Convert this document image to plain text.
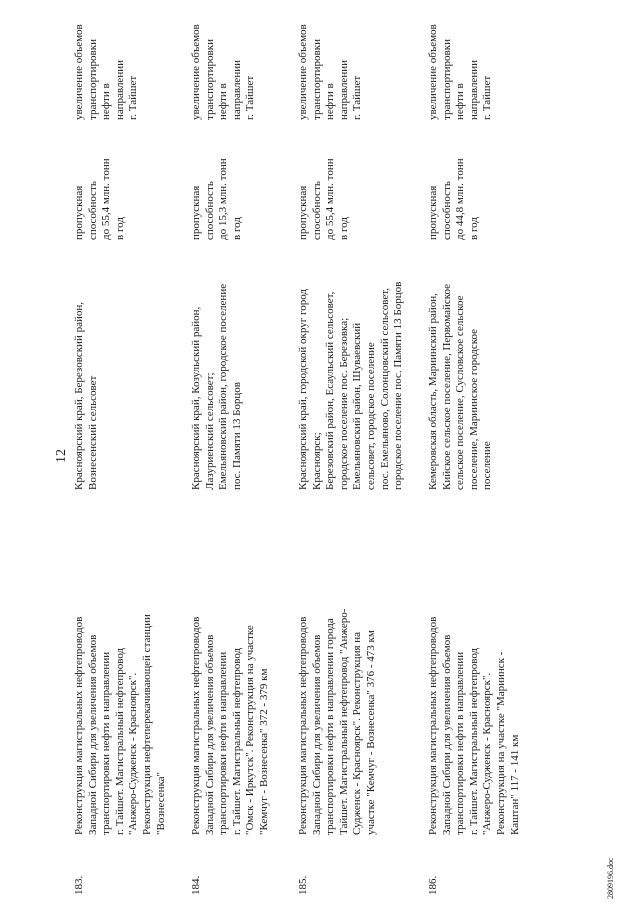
12
183.
Реконструкция магистральных нефтепроводов Западной Сибири для увеличения объемов транспортировки нефти в направлении г. Тайшет. Магистральный нефтепровод "Анжеро-Судженск - Красноярск". Реконструкция нефтеперекачивающей станции "Вознесенка"
Красноярский край, Березовский район, Вознесенский сельсовет
пропускная способность до 55,4 млн. тонн в год
увеличение объемов транспортировки нефти в направлении г. Тайшет
184.
Реконструкция магистральных нефтепроводов Западной Сибири для увеличения объемов транспортировки нефти в направлении г. Тайшет. Магистральный нефтепровод "Омск - Иркутск". Реконструкция на участке "Кемчуг - Вознесенка" 372 - 379 км
Красноярский край, Козульский район, Лазуриенский сельсовет; Емельяновский район, городское поселение пос. Памяти 13 Борцов
пропускная способность до 15,3 млн. тонн в год
увеличение объемов транспортировки нефти в направлении г. Тайшет
185.
Реконструкция магистральных нефтепроводов Западной Сибири для увеличения объемов транспортировки нефти в направлении города Тайшет. Магистральный нефтепровод "Анжеро- Судженск - Красноярск". Реконструкция на участке "Кемчуг - Вознесенка" 376 - 473 км
Красноярский край, городской округ город Красноярск; Березовский район, Есаульский сельсовет, городское поселение пос. Березовка; Емельяновский район, Шуваевский сельсовет, городское поселение пос. Емельяново, Солонцовский сельсовет, городское поселение пос. Памяти 13 Борцов
пропускная способность до 55,4 млн. тонн в год
увеличение объемов транспортировки нефти в направлении г. Тайшет
186.
Реконструкция магистральных нефтепроводов Западной Сибири для увеличения объемов транспортировки нефти в направлении г. Тайшет. Магистральный нефтепровод "Анжеро-Судженск - Красноярск". Реконструкция на участке "Мариинск - Каштан" 117 - 141 км
Кемеровская область, Мариинский район, Кийское сельское поселение, Первомайское сельское поселение, Сусловское сельское поселение, Мариинское городское поселение
пропускная способность до 44,8 млн. тонн в год
увеличение объемов транспортировки нефти в направлении г. Тайшет
2809196.doc
